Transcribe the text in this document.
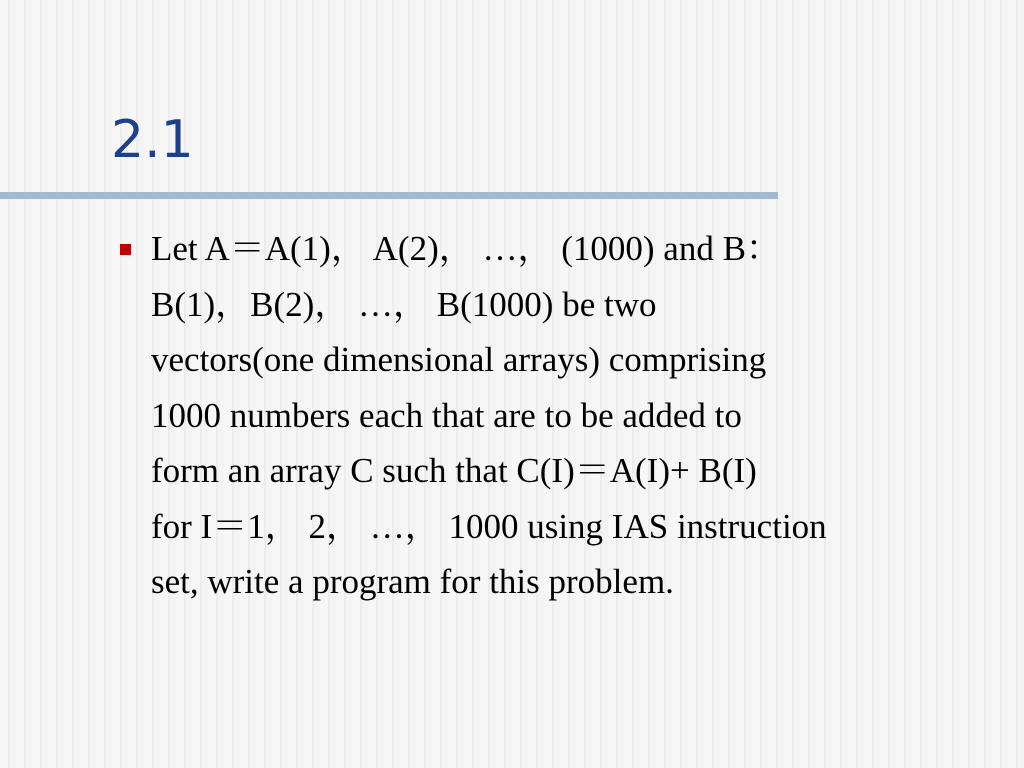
2.1

Let A＝A(1)， A(2)， …， (1000) and B：
B(1)，B(2)， …， B(1000) be two
vectors(one dimensional arrays) comprising
1000 numbers each that are to be added to
form an array C such that C(I)＝A(I)+ B(I)
for I＝1， 2， …， 1000 using IAS instruction
set, write a program for this problem.
